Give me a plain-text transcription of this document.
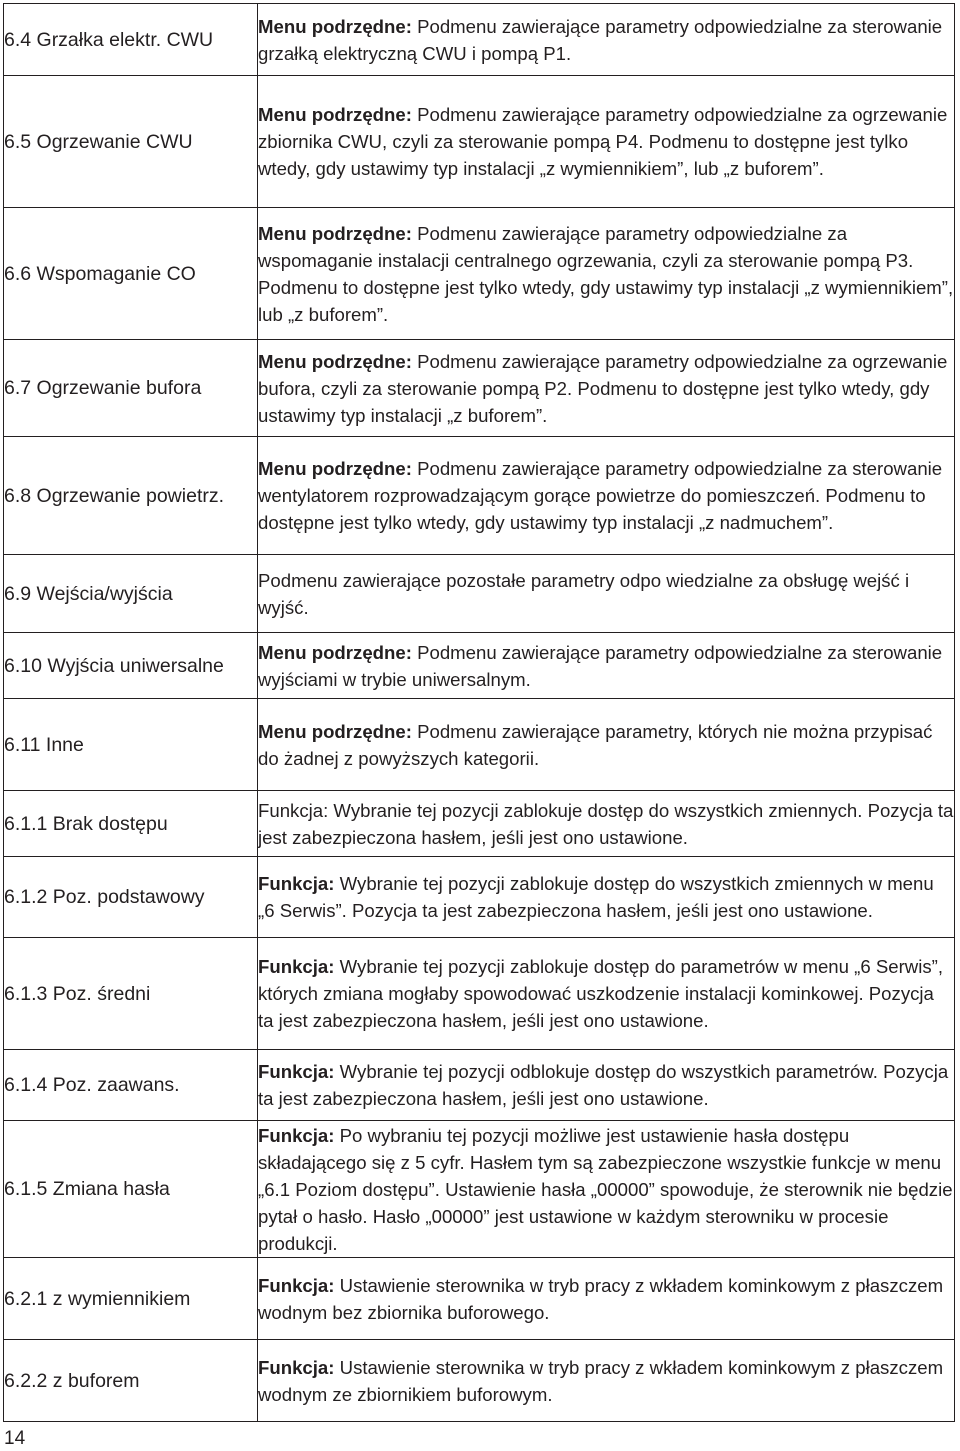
6.4 Grzałka elektr. CWU	Menu podrzędne: Podmenu zawierające parametry odpowiedzialne za sterowanie grzałką elektryczną CWU i pompą P1.
6.5 Ogrzewanie CWU	Menu podrzędne: Podmenu zawierające parametry odpowiedzialne za ogrzewanie zbiornika CWU, czyli za sterowanie pompą P4. Podmenu to dostępne jest tylko wtedy, gdy ustawimy typ instalacji „z wymiennikiem”, lub „z buforem”.
6.6 Wspomaganie CO	Menu podrzędne: Podmenu zawierające parametry odpowiedzialne za wspomaganie instalacji centralnego ogrzewania, czyli za sterowanie pompą P3. Podmenu to dostępne jest tylko wtedy, gdy ustawimy typ instalacji „z wymiennikiem”, lub „z buforem”.
6.7 Ogrzewanie bufora	Menu podrzędne: Podmenu zawierające parametry odpowiedzialne za ogrzewanie bufora, czyli za sterowanie pompą P2. Podmenu to dostępne jest tylko wtedy, gdy ustawimy typ instalacji „z buforem”.
6.8 Ogrzewanie powietrz.	Menu podrzędne: Podmenu zawierające parametry odpowiedzialne za sterowanie wentylatorem rozprowadzającym gorące powietrze do pomieszczeń. Podmenu to dostępne jest tylko wtedy, gdy ustawimy typ instalacji „z nadmuchem”.
6.9 Wejścia/wyjścia	Podmenu zawierające pozostałe parametry odpo wiedzialne za obsługę wejść i wyjść.
6.10 Wyjścia uniwersalne	Menu podrzędne: Podmenu zawierające parametry odpowiedzialne za sterowanie wyjściami w trybie uniwersalnym.
6.11 Inne	Menu podrzędne: Podmenu zawierające parametry, których nie można przypisać do żadnej z powyższych kategorii.
6.1.1 Brak dostępu	Funkcja: Wybranie tej pozycji zablokuje dostęp do wszystkich zmiennych. Pozycja ta jest zabezpieczona hasłem, jeśli jest ono ustawione.
6.1.2 Poz. podstawowy	Funkcja: Wybranie tej pozycji zablokuje dostęp do wszystkich zmiennych w menu „6 Serwis”. Pozycja ta jest zabezpieczona hasłem, jeśli jest ono ustawione.
6.1.3 Poz. średni	Funkcja: Wybranie tej pozycji zablokuje dostęp do parametrów w menu „6 Serwis”, których zmiana mogłaby spowodować uszkodzenie instalacji kominkowej. Pozycja ta jest zabezpieczona hasłem, jeśli jest ono ustawione.
6.1.4 Poz. zaawans.	Funkcja: Wybranie tej pozycji odblokuje dostęp do wszystkich parametrów. Pozycja ta jest zabezpieczona hasłem, jeśli jest ono ustawione.
6.1.5 Zmiana hasła	Funkcja: Po wybraniu tej pozycji możliwe jest ustawienie hasła dostępu składającego się z 5 cyfr. Hasłem tym są zabezpieczone wszystkie funkcje w menu „6.1 Poziom dostępu”. Ustawienie hasła „00000” spowoduje, że sterownik nie będzie pytał o hasło. Hasło „00000” jest ustawione w każdym sterowniku w procesie produkcji.
6.2.1 z wymiennikiem	Funkcja: Ustawienie sterownika w tryb pracy z wkładem kominkowym z płaszczem wodnym bez zbiornika buforowego.
6.2.2 z buforem	Funkcja: Ustawienie sterownika w tryb pracy z wkładem kominkowym z płaszczem wodnym ze zbiornikiem buforowym.
14
